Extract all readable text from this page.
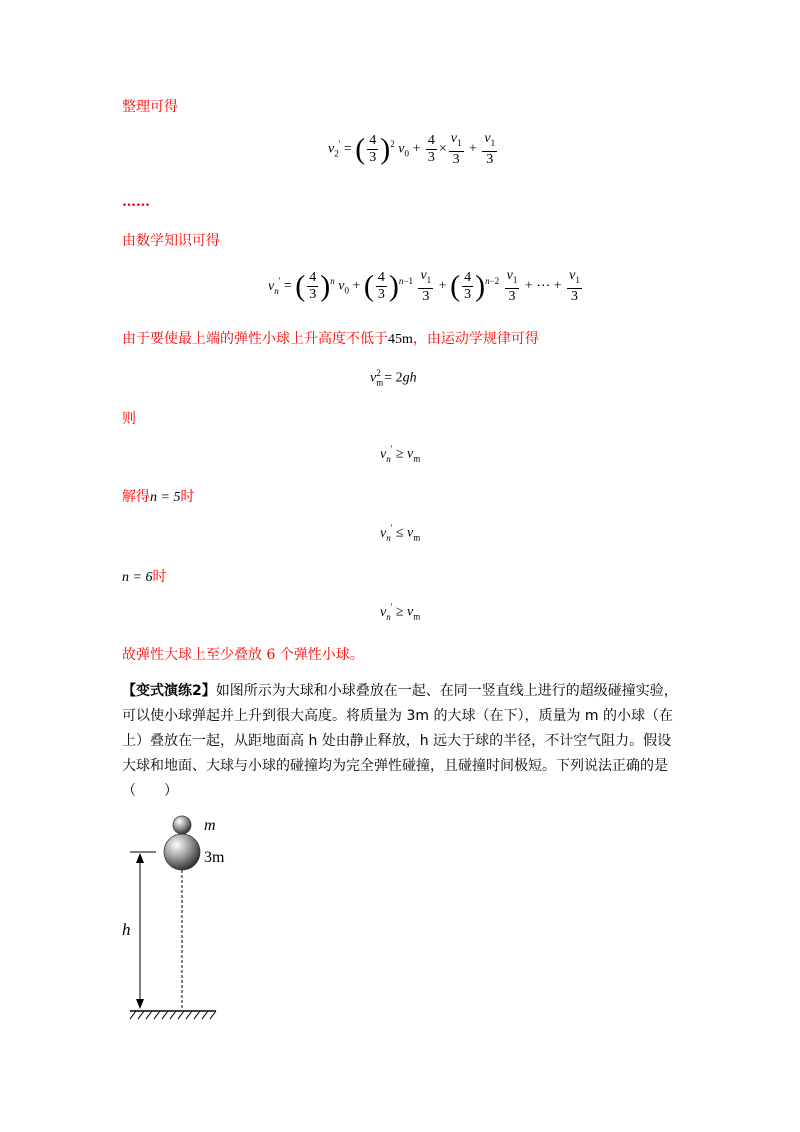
整理可得
$v_2'$ = ( $\frac{4}{3} )^2$ $v_0 + \frac{4}{3} \times \frac{v_1}{3} + \frac{v_1}{3}$
……
由数学知识可得
$v_n'$ = ( $\frac{4}{3} )^n$ $v_0$ + ( $\frac{4}{3} )^{n-1} \frac{v_1}{3}$ + ( $\frac{4}{3} )^{n-2} \frac{v_1}{3}$ + ⋯ + $\frac{v_1}{3}$
由于要使最上端的弹性小球上升高度不低于45m，由运动学规律可得
$v_m^2 = 2gh$
则
$v_n' \ge v_m$
解得n = 5时
$v_n' \le v_m$
n = 6时
$v_n' \ge v_m$
故弹性大球上至少叠放 6 个弹性小球。
【变式演练2】如图所示为大球和小球叠放在一起、在同一竖直线上进行的超级碰撞实验，
可以使小球弹起并上升到很大高度。将质量为 3m 的大球（在下），质量为 m 的小球（在
上）叠放在一起，从距地面高 h 处由静止释放，h 远大于球的半径，不计空气阻力。假设
大球和地面、大球与小球的碰撞均为完全弹性碰撞，且碰撞时间极短。下列说法正确的是
（　　）
m
3m
h
